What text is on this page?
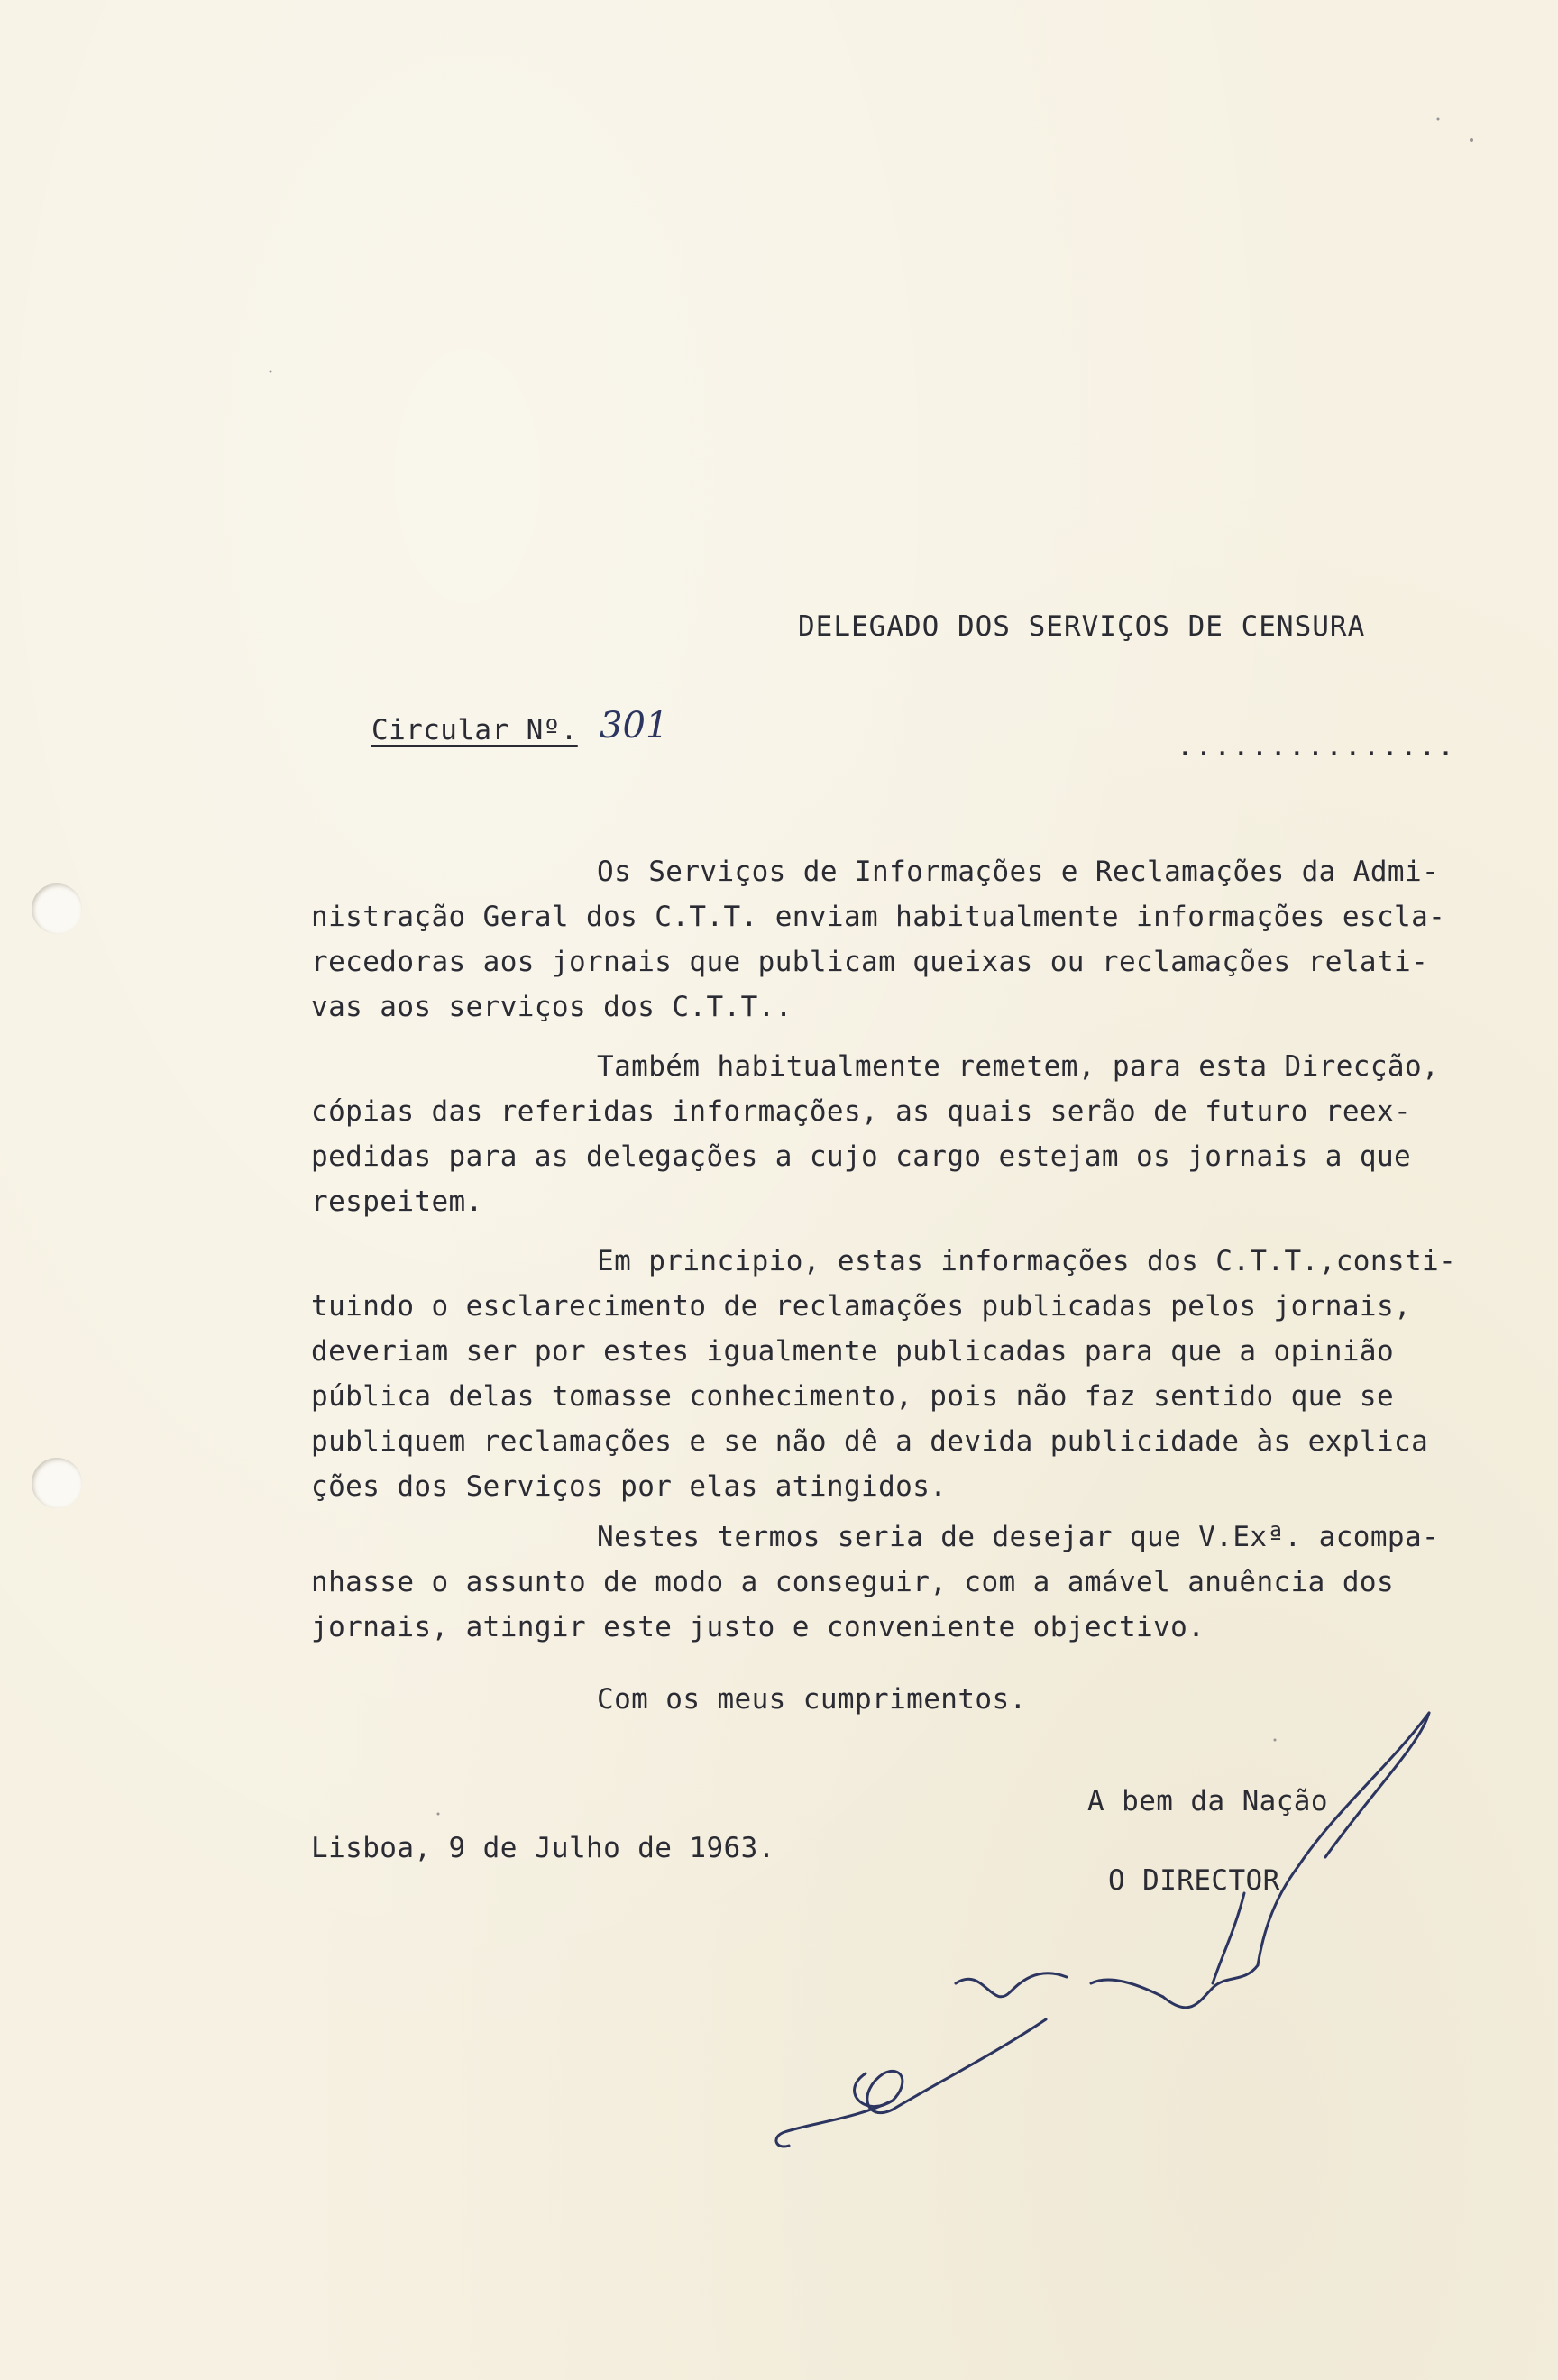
DELEGADO DOS SERVIÇOS DE CENSURA
Circular Nº. 301	...............
Os Serviços de Informações e Reclamações da Admi-
nistração Geral dos C.T.T. enviam habitualmente informações escla-
recedoras aos jornais que publicam queixas ou reclamações relati-
vas aos serviços dos C.T.T..
Também habitualmente remetem, para esta Direcção,
cópias das referidas informações, as quais serão de futuro reex-
pedidas para as delegações a cujo cargo estejam os jornais a que
respeitem.
Em principio, estas informações dos C.T.T.,consti-
tuindo o esclarecimento de reclamações publicadas pelos jornais,
deveriam ser por estes igualmente publicadas para que a opinião
pública delas tomasse conhecimento, pois não faz sentido que se
publiquem reclamações e se não dê a devida publicidade às explica
ções dos Serviços por elas atingidos.
Nestes termos seria de desejar que V.Exª. acompa-
nhasse o assunto de modo a conseguir, com a amável anuência dos
jornais, atingir este justo e conveniente objectivo.
Com os meus cumprimentos.
A bem da Nação
Lisboa, 9 de Julho de 1963.
O DIRECTOR
